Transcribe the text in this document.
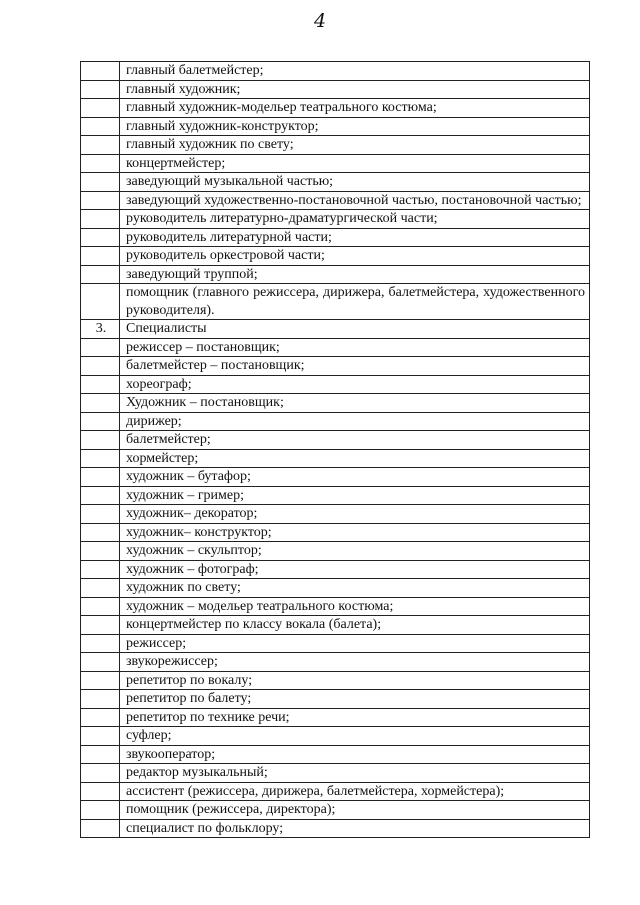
4
	главный балетмейстер;
	главный художник;
	главный художник-модельер театрального костюма;
	главный художник-конструктор;
	главный художник по свету;
	концертмейстер;
	заведующий музыкальной частью;
	заведующий художественно-постановочной частью, постановочной частью;
	руководитель литературно-драматургической части;
	руководитель литературной части;
	руководитель оркестровой части;
	заведующий труппой;
	помощник (главного режиссера, дирижера, балетмейстера, художественного руководителя).
3.	Специалисты
	режиссер – постановщик;
	балетмейстер – постановщик;
	хореограф;
	Художник – постановщик;
	дирижер;
	балетмейстер;
	хормейстер;
	художник – бутафор;
	художник – гример;
	художник– декоратор;
	художник– конструктор;
	художник – скульптор;
	художник – фотограф;
	художник по свету;
	художник – модельер театрального костюма;
	концертмейстер по классу вокала (балета);
	режиссер;
	звукорежиссер;
	репетитор по вокалу;
	репетитор по балету;
	репетитор по технике речи;
	суфлер;
	звукооператор;
	редактор музыкальный;
	ассистент (режиссера, дирижера, балетмейстера, хормейстера);
	помощник (режиссера, директора);
	специалист по фольклору;
